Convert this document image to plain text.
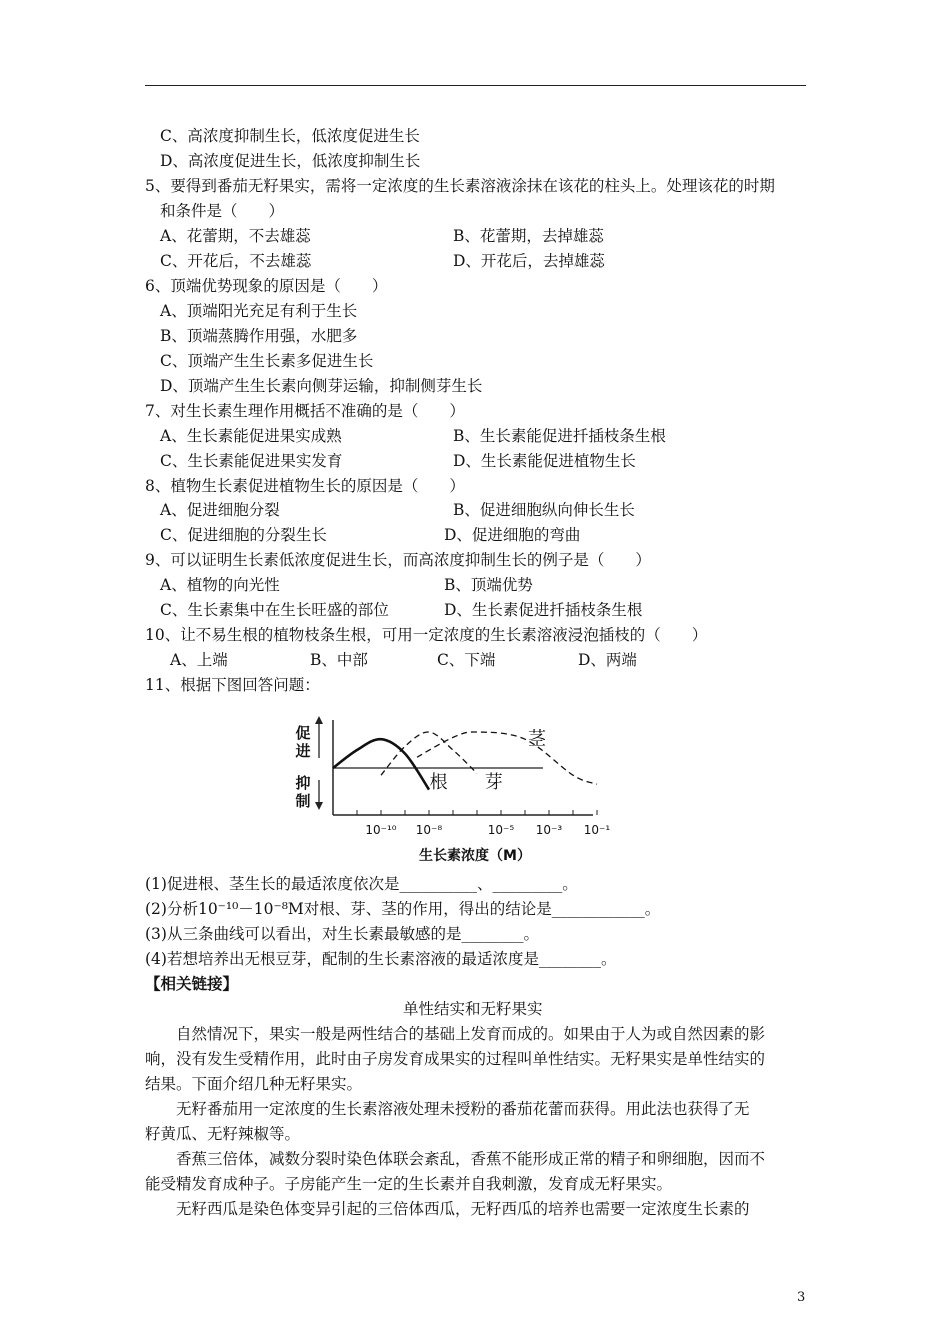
C、高浓度抑制生长，低浓度促进生长
D、高浓度促进生长，低浓度抑制生长
5、要得到番茄无籽果实，需将一定浓度的生长素溶液涂抹在该花的柱头上。处理该花的时期
和条件是（　　）
A、花蕾期，不去雄蕊	B、花蕾期，去掉雄蕊
C、开花后，不去雄蕊	D、开花后，去掉雄蕊
6、顶端优势现象的原因是（　　）
A、顶端阳光充足有利于生长
B、顶端蒸腾作用强，水肥多
C、顶端产生生长素多促进生长
D、顶端产生生长素向侧芽运输，抑制侧芽生长
7、对生长素生理作用概括不准确的是（　　）
A、生长素能促进果实成熟	B、生长素能促进扦插枝条生根
C、生长素能促进果实发育	D、生长素能促进植物生长
8、植物生长素促进植物生长的原因是（　　）
A、促进细胞分裂	B、促进细胞纵向伸长生长
C、促进细胞的分裂生长	D、促进细胞的弯曲
9、可以证明生长素低浓度促进生长，而高浓度抑制生长的例子是（　　）
A、植物的向光性	B、顶端优势
C、生长素集中在生长旺盛的部位	D、生长素促进扦插枝条生根
10、让不易生根的植物枝条生根，可用一定浓度的生长素溶液浸泡插枝的（　　）
A、上端	B、中部	C、下端	D、两端
11、根据下图回答问题：
促
进
抑
制
10⁻¹⁰ 10⁻⁸	10⁻⁵ 10⁻³ 10⁻¹
根 芽
茎
生长素浓度（M）
(1)促进根、茎生长的最适浓度依次是__________、_________。
(2)分析10⁻¹⁰－10⁻⁸M对根、芽、茎的作用，得出的结论是____________。
(3)从三条曲线可以看出，对生长素最敏感的是________。
(4)若想培养出无根豆芽，配制的生长素溶液的最适浓度是________。
【相关链接】
单性结实和无籽果实
　　自然情况下，果实一般是两性结合的基础上发育而成的。如果由于人为或自然因素的影
响，没有发生受精作用，此时由子房发育成果实的过程叫单性结实。无籽果实是单性结实的
结果。下面介绍几种无籽果实。
　　无籽番茄用一定浓度的生长素溶液处理未授粉的番茄花蕾而获得。用此法也获得了无
籽黄瓜、无籽辣椒等。
　　香蕉三倍体，减数分裂时染色体联会紊乱，香蕉不能形成正常的精子和卵细胞，因而不
能受精发育成种子。子房能产生一定的生长素并自我刺激，发育成无籽果实。
　　无籽西瓜是染色体变异引起的三倍体西瓜，无籽西瓜的培养也需要一定浓度生长素的
3
